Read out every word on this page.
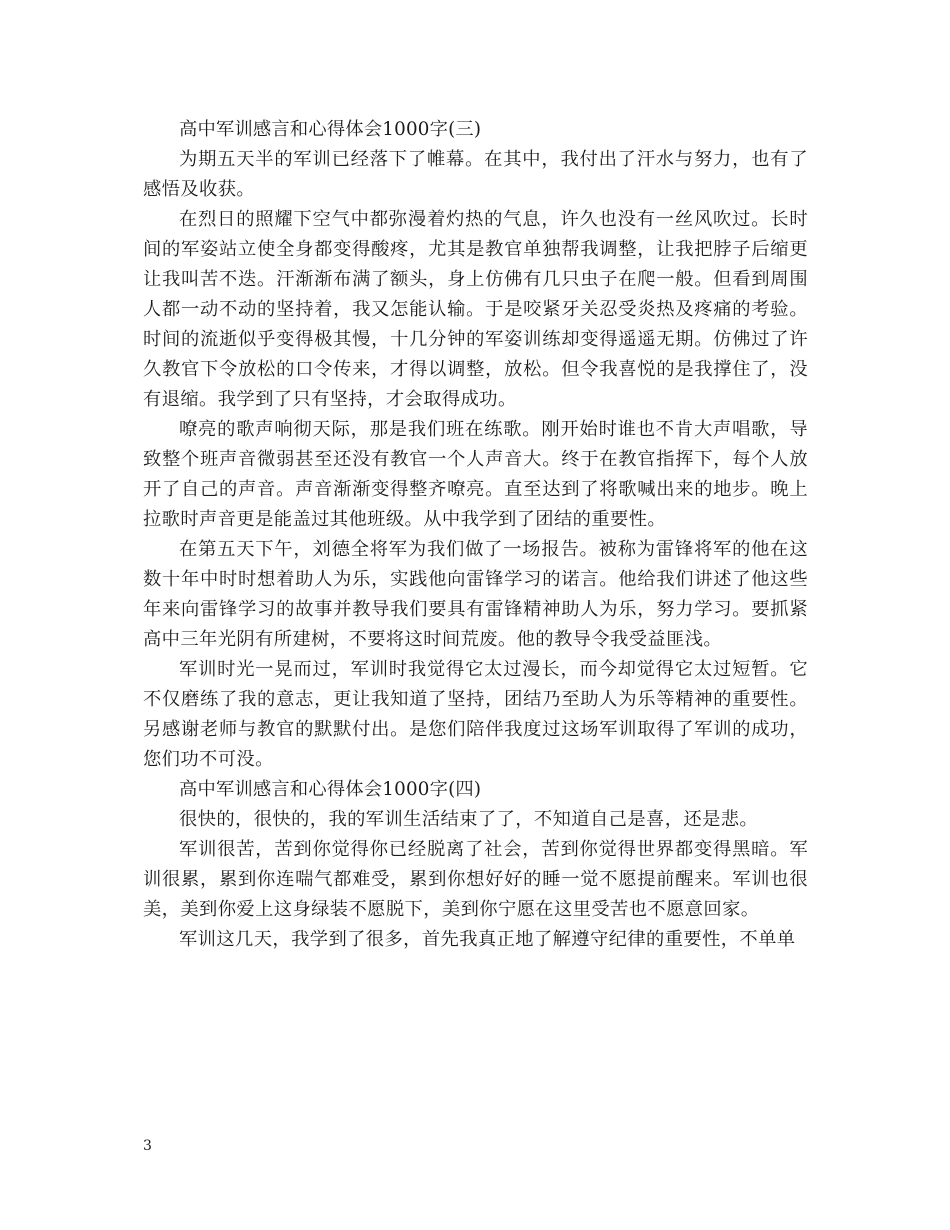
高中军训感言和心得体会1000字(三)

为期五天半的军训已经落下了帷幕。在其中，我付出了汗水与努力，也有了感悟及收获。

在烈日的照耀下空气中都弥漫着灼热的气息，许久也没有一丝风吹过。长时间的军姿站立使全身都变得酸疼，尤其是教官单独帮我调整，让我把脖子后缩更让我叫苦不迭。汗渐渐布满了额头，身上仿佛有几只虫子在爬一般。但看到周围人都一动不动的坚持着，我又怎能认输。于是咬紧牙关忍受炎热及疼痛的考验。时间的流逝似乎变得极其慢，十几分钟的军姿训练却变得遥遥无期。仿佛过了许久教官下令放松的口令传来，才得以调整，放松。但令我喜悦的是我撑住了，没有退缩。我学到了只有坚持，才会取得成功。

嘹亮的歌声响彻天际，那是我们班在练歌。刚开始时谁也不肯大声唱歌，导致整个班声音微弱甚至还没有教官一个人声音大。终于在教官指挥下，每个人放开了自己的声音。声音渐渐变得整齐嘹亮。直至达到了将歌喊出来的地步。晚上拉歌时声音更是能盖过其他班级。从中我学到了团结的重要性。

在第五天下午，刘德全将军为我们做了一场报告。被称为雷锋将军的他在这数十年中时时想着助人为乐，实践他向雷锋学习的诺言。他给我们讲述了他这些年来向雷锋学习的故事并教导我们要具有雷锋精神助人为乐，努力学习。要抓紧高中三年光阴有所建树，不要将这时间荒废。他的教导令我受益匪浅。

军训时光一晃而过，军训时我觉得它太过漫长，而今却觉得它太过短暂。它不仅磨练了我的意志，更让我知道了坚持，团结乃至助人为乐等精神的重要性。另感谢老师与教官的默默付出。是您们陪伴我度过这场军训取得了军训的成功，您们功不可没。

高中军训感言和心得体会1000字(四)

很快的，很快的，我的军训生活结束了了，不知道自己是喜，还是悲。

军训很苦，苦到你觉得你已经脱离了社会，苦到你觉得世界都变得黑暗。军训很累，累到你连喘气都难受，累到你想好好的睡一觉不愿提前醒来。军训也很美，美到你爱上这身绿装不愿脱下，美到你宁愿在这里受苦也不愿意回家。

军训这几天，我学到了很多，首先我真正地了解遵守纪律的重要性，不单单

3
